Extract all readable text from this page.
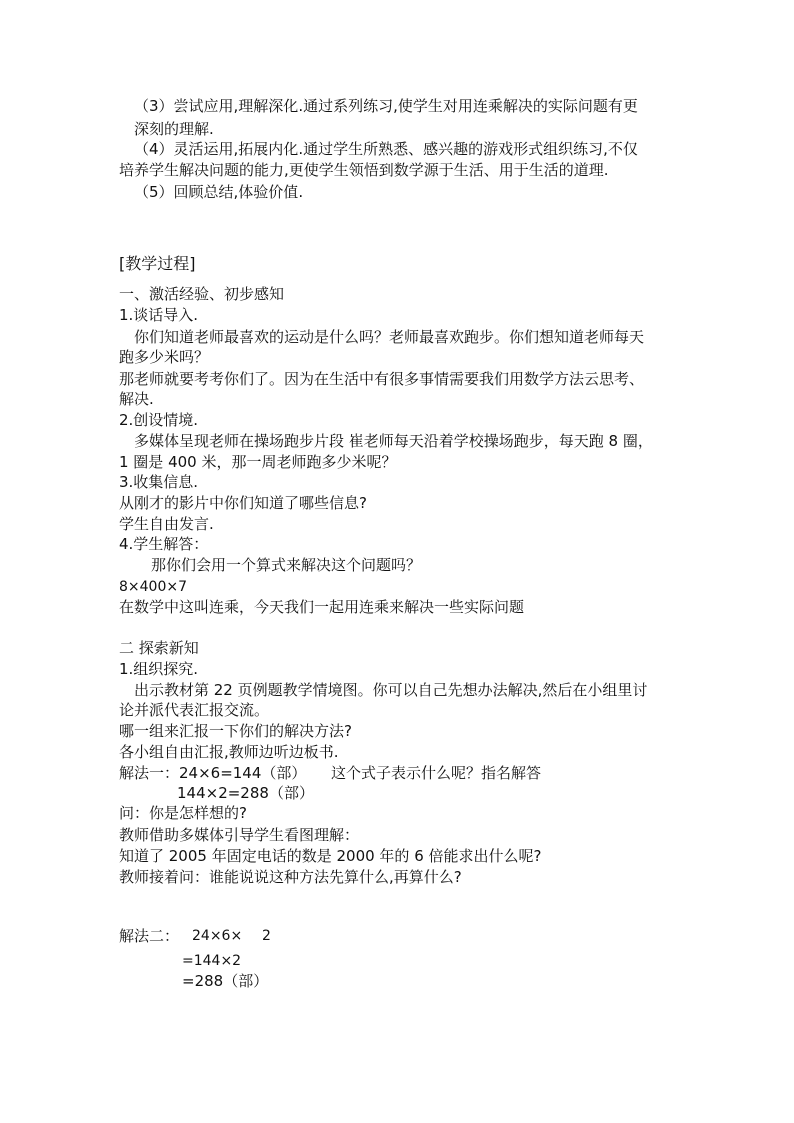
（3）尝试应用,理解深化.通过系列练习,使学生对用连乘解决的实际问题有更

深刻的理解.

（4）灵活运用,拓展内化.通过学生所熟悉、感兴趣的游戏形式组织练习,不仅

培养学生解决问题的能力,更使学生领悟到数学源于生活、用于生活的道理.

（5）回顾总结,体验价值.

[教学过程]

一、激活经验、初步感知

1.谈话导入.

你们知道老师最喜欢的运动是什么吗？老师最喜欢跑步。你们想知道老师每天

跑多少米吗？

那老师就要考考你们了。因为在生活中有很多事情需要我们用数学方法云思考、

解决.

2.创设情境.

多媒体呈现老师在操场跑步片段 崔老师每天沿着学校操场跑步，每天跑 8 圈，

1 圈是 400 米，那一周老师跑多少米呢？

3.收集信息.

从刚才的影片中你们知道了哪些信息?

学生自由发言.

4.学生解答：

那你们会用一个算式来解决这个问题吗？

8×400×7

在数学中这叫连乘，今天我们一起用连乘来解决一些实际问题

二 探索新知

1.组织探究.

出示教材第 22 页例题教学情境图。你可以自己先想办法解决,然后在小组里讨

论并派代表汇报交流。

哪一组来汇报一下你们的解决方法?

各小组自由汇报,教师边听边板书.

解法一： 24×6=144（部） 这个式子表示什么呢？指名解答

144×2=288（部）

问：你是怎样想的?

教师借助多媒体引导学生看图理解：

知道了 2005 年固定电话的数是 2000 年的 6 倍能求出什么呢?

教师接着问：谁能说说这种方法先算什么,再算什么?

解法二： 24×6× 2

=144×2

=288（部）
